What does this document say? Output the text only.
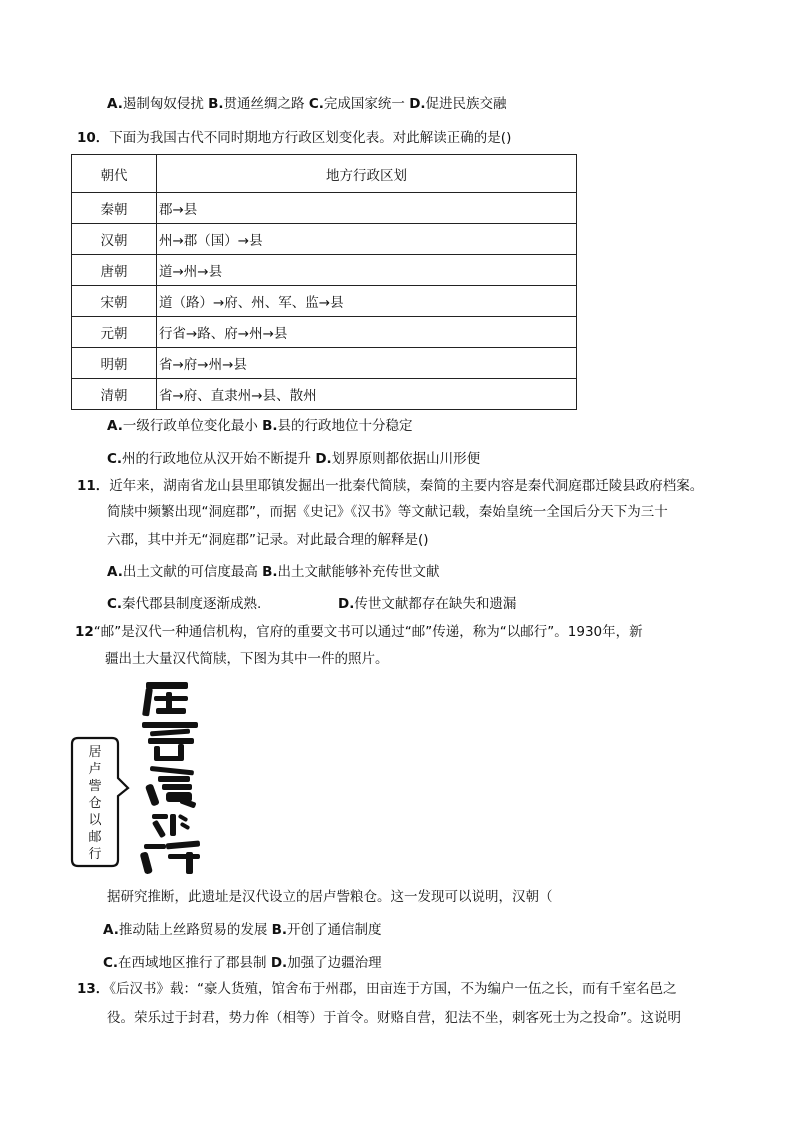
A.遏制匈奴侵扰 B.贯通丝绸之路 C.完成国家统一 D.促进民族交融
10．下面为我国古代不同时期地方行政区划变化表。对此解读正确的是()
朝代	地方行政区划
秦朝	郡→县
汉朝	州→郡（国）→县
唐朝	道→州→县
宋朝	道（路）→府、州、军、监→县
元朝	行省→路、府→州→县
明朝	省→府→州→县
清朝	省→府、直隶州→县、散州
A.一级行政单位变化最小 B.县的行政地位十分稳定
C.州的行政地位从汉开始不断提升 D.划界原则都依据山川形便
11．近年来，湖南省龙山县里耶镇发掘出一批秦代简牍，秦简的主要内容是秦代洞庭郡迁陵县政府档案。
简牍中频繁出现“洞庭郡”，而据《史记》《汉书》等文献记载，秦始皇统一全国后分天下为三十
六郡，其中并无“洞庭郡”记录。对此最合理的解释是()
A.出土文献的可信度最高 B.出土文献能够补充传世文献
C.秦代郡县制度逐渐成熟.	D.传世文献都存在缺失和遗漏
12“邮”是汉代一种通信机构，官府的重要文书可以通过“邮”传递，称为“以邮行”。1930年，新
疆出土大量汉代简牍，下图为其中一件的照片。
居
卢
訾
仓
以
邮
行
据研究推断，此遗址是汉代设立的居卢訾粮仓。这一发现可以说明，汉朝（
A.推动陆上丝路贸易的发展 B.开创了通信制度
C.在西域地区推行了郡县制 D.加强了边疆治理
13．《后汉书》载：“豪人货殖，馆舍布于州郡，田亩连于方国，不为编户一伍之长，而有千室名邑之
役。荣乐过于封君，势力侔（相等）于首令。财赂自营，犯法不坐，刺客死士为之投命”。这说明
